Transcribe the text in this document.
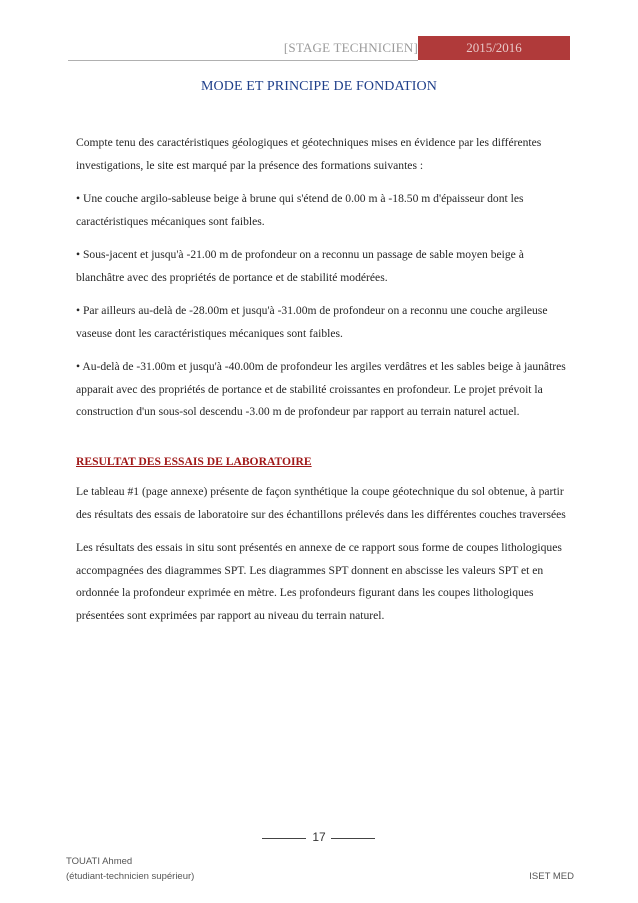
[STAGE TECHNICIEN]	2015/2016
MODE ET PRINCIPE DE FONDATION

Compte tenu des caractéristiques géologiques et géotechniques mises en évidence par les différentes investigations, le site est marqué par la présence des formations suivantes :

• Une couche argilo-sableuse beige à brune qui s'étend de 0.00 m à -18.50 m d'épaisseur dont les caractéristiques mécaniques sont faibles.

• Sous-jacent et jusqu'à -21.00 m de profondeur on a reconnu un passage de sable moyen beige à blanchâtre avec des propriétés de portance et de stabilité modérées.

• Par ailleurs au-delà de -28.00m et jusqu'à -31.00m de profondeur on a reconnu une couche argileuse vaseuse dont les caractéristiques mécaniques sont faibles.

• Au-delà de -31.00m et jusqu'à -40.00m de profondeur les argiles verdâtres et les sables beige à jaunâtres apparait avec des propriétés de portance et de stabilité croissantes en profondeur. Le projet prévoit la construction d'un sous-sol descendu -3.00 m de profondeur par rapport au terrain naturel actuel.

RESULTAT DES ESSAIS DE LABORATOIRE

Le tableau #1 (page annexe) présente de façon synthétique la coupe géotechnique du sol obtenue, à partir des résultats des essais de laboratoire sur des échantillons prélevés dans les différentes couches traversées

Les résultats des essais in situ sont présentés en annexe de ce rapport sous forme de coupes lithologiques accompagnées des diagrammes SPT. Les diagrammes SPT donnent en abscisse les valeurs SPT et en ordonnée la profondeur exprimée en mètre. Les profondeurs figurant dans les coupes lithologiques présentées sont exprimées par rapport au niveau du terrain naturel.

17
TOUATI Ahmed
(étudiant-technicien supérieur)	ISET MED
